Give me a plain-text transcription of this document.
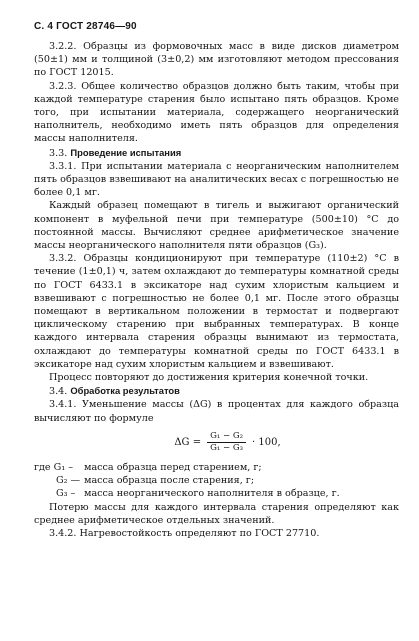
С. 4 ГОСТ 28746—90

3.2.2. Образцы из формовочных масс в виде дисков диаметром (50±1) мм и толщиной (3±0,2) мм изготовляют методом прессования по ГОСТ 12015.

3.2.3. Общее количество образцов должно быть таким, чтобы при каждой температуре старения было испытано пять образцов. Кроме того, при испытании материала, содержащего неорганический наполнитель, необходимо иметь пять образцов для определения массы наполнителя.

3.3. Проведение испытания

3.3.1. При испытании материала с неорганическим наполнителем пять образцов взвешивают на аналитических весах с погрешностью не более 0,1 мг.

Каждый образец помещают в тигель и выжигают органический компонент в муфельной печи при температуре (500±10) °С до постоянной массы. Вычисляют среднее арифметическое значение массы неорганического наполнителя пяти образцов (G₃).

3.3.2. Образцы кондиционируют при температуре (110±2) °С в течение (1±0,1) ч, затем охлаждают до температуры комнатной среды по ГОСТ 6433.1 в эксикаторе над сухим хлористым кальцием и взвешивают с погрешностью не более 0,1 мг. После этого образцы помещают в вертикальном положении в термостат и подвергают циклическому старению при выбранных температурах. В конце каждого интервала старения образцы вынимают из термостата, охлаждают до температуры комнатной среды по ГОСТ 6433.1 в эксикаторе над сухим хлористым кальцием и взвешивают.

Процесс повторяют до достижения критерия конечной точки.

3.4. Обработка результатов

3.4.1. Уменьшение массы (ΔG) в процентах для каждого образца вычисляют по формуле

$\Delta G = \frac{\text{G₁ − G₂}}{\text{G₁ − G₃}} \cdot 100$,
где G₁ –	масса образца перед старением, г;
G₂ — масса образца после старения, г;
G₃ – масса неорганического наполнителя в образце, г.

Потерю массы для каждого интервала старения определяют как среднее арифметическое отдельных значений.

3.4.2. Нагревостойкость определяют по ГОСТ 27710.
